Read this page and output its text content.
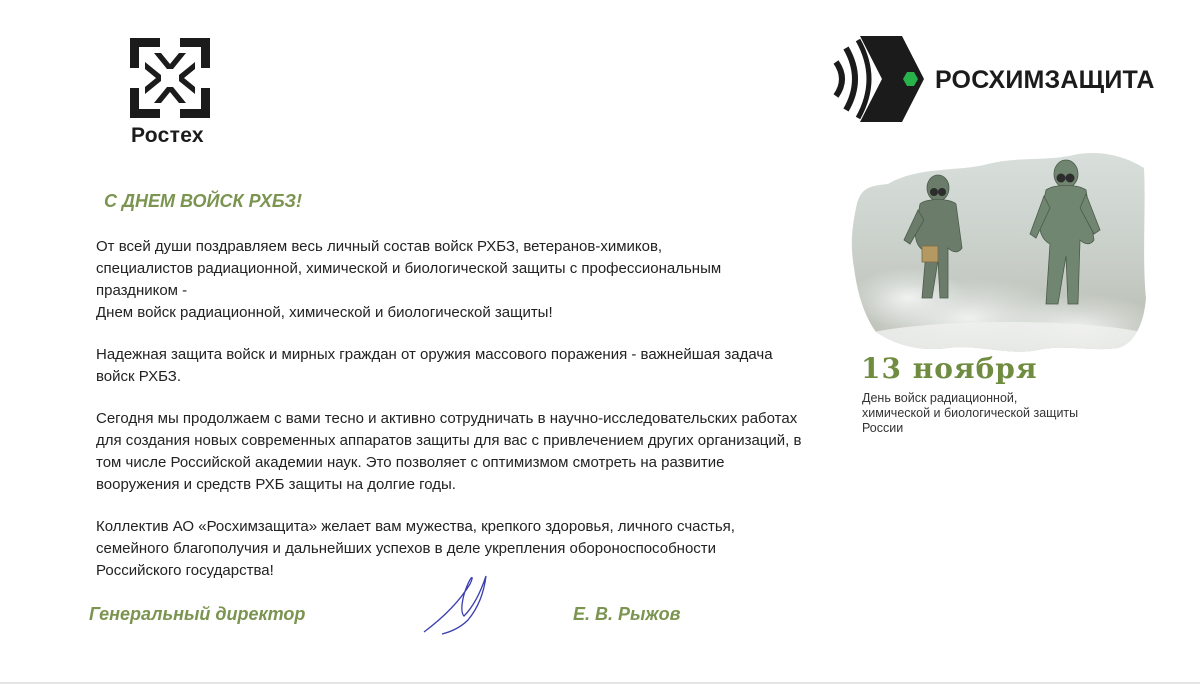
Ростех
РОСХИМЗАЩИТА
С ДНЕМ ВОЙСК РХБЗ!

От всей души поздравляем весь личный состав войск РХБЗ, ветеранов-химиков,

специалистов радиационной, химической и биологической защиты с профессиональным

праздником -

Днем войск радиационной, химической и биологической защиты!

Надежная защита войск и мирных граждан от оружия массового поражения - важнейшая задача войск РХБЗ.

Сегодня мы продолжаем с вами тесно и активно сотрудничать в научно-исследовательских работах для создания новых современных аппаратов защиты для вас с привлечением других организаций, в том числе Российской академии наук. Это позволяет с оптимизмом смотреть на развитие вооружения и средств РХБ защиты на долгие годы.

Коллектив АО «Росхимзащита» желает вам мужества, крепкого здоровья, личного счастья, семейного благополучия и дальнейших успехов в деле укрепления обороноспособности Российского государства!

Генеральный директор	Е. В. Рыжов
13 ноября
День войск радиационной, химической и биологической защиты России
